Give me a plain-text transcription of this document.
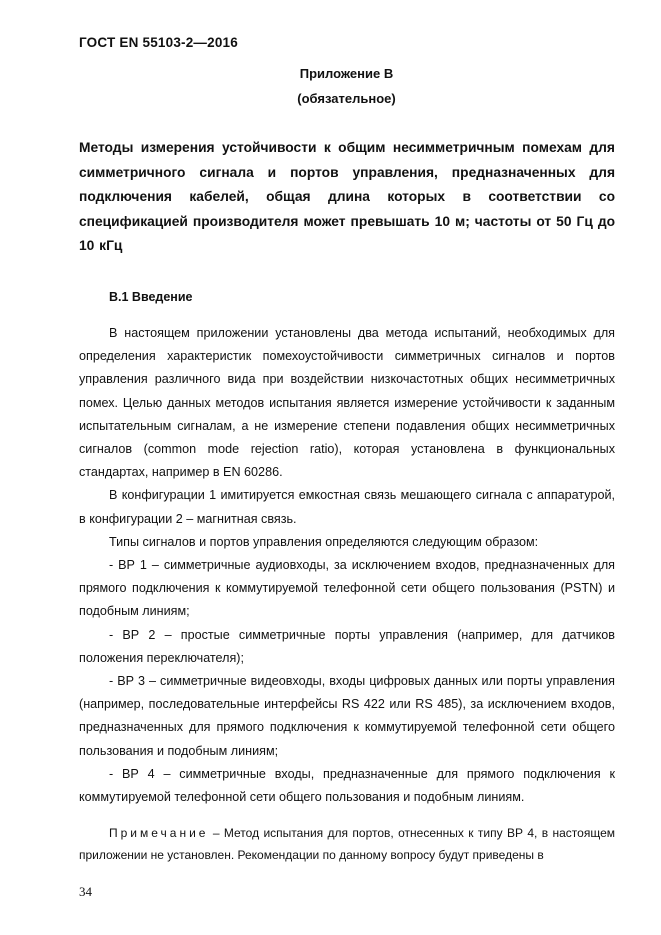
ГОСТ EN 55103-2—2016
Приложение В
(обязательное)
Методы измерения устойчивости к общим несимметричным помехам для симметричного сигнала и портов управления, предназначенных для подключения кабелей, общая длина которых в соответствии со спецификацией производителя может превышать 10 м; частоты от 50 Гц до 10 кГц
В.1 Введение

В настоящем приложении установлены два метода испытаний, необходимых для определения характеристик помехоустойчивости симметричных сигналов и портов управления различного вида при воздействии низкочастотных общих несимметричных помех. Целью данных методов испытания является измерение устойчивости к заданным испытательным сигналам, а не измерение степени подавления общих несимметричных сигналов (common mode rejection ratio), которая установлена в функциональных стандартах, например в EN 60286.

В конфигурации 1 имитируется емкостная связь мешающего сигнала с аппаратурой, в конфигурации 2 – магнитная связь.

Типы сигналов и портов управления определяются следующим образом:

- ВР 1 – симметричные аудиовходы, за исключением входов, предназначенных для прямого подключения к коммутируемой телефонной сети общего пользования (PSTN) и подобным линиям;

- ВР 2 – простые симметричные порты управления (например, для датчиков положения переключателя);

- ВР 3 – симметричные видеовходы, входы цифровых данных или порты управления (например, последовательные интерфейсы RS 422 или RS 485), за исключением входов, предназначенных для прямого подключения к коммутируемой телефонной сети общего пользования и подобным линиям;

- ВР 4 – симметричные входы, предназначенные для прямого подключения к коммутируемой телефонной сети общего пользования и подобным линиям.

Примечание – Метод испытания для портов, отнесенных к типу ВР 4, в настоящем приложении не установлен. Рекомендации по данному вопросу будут приведены в
34
